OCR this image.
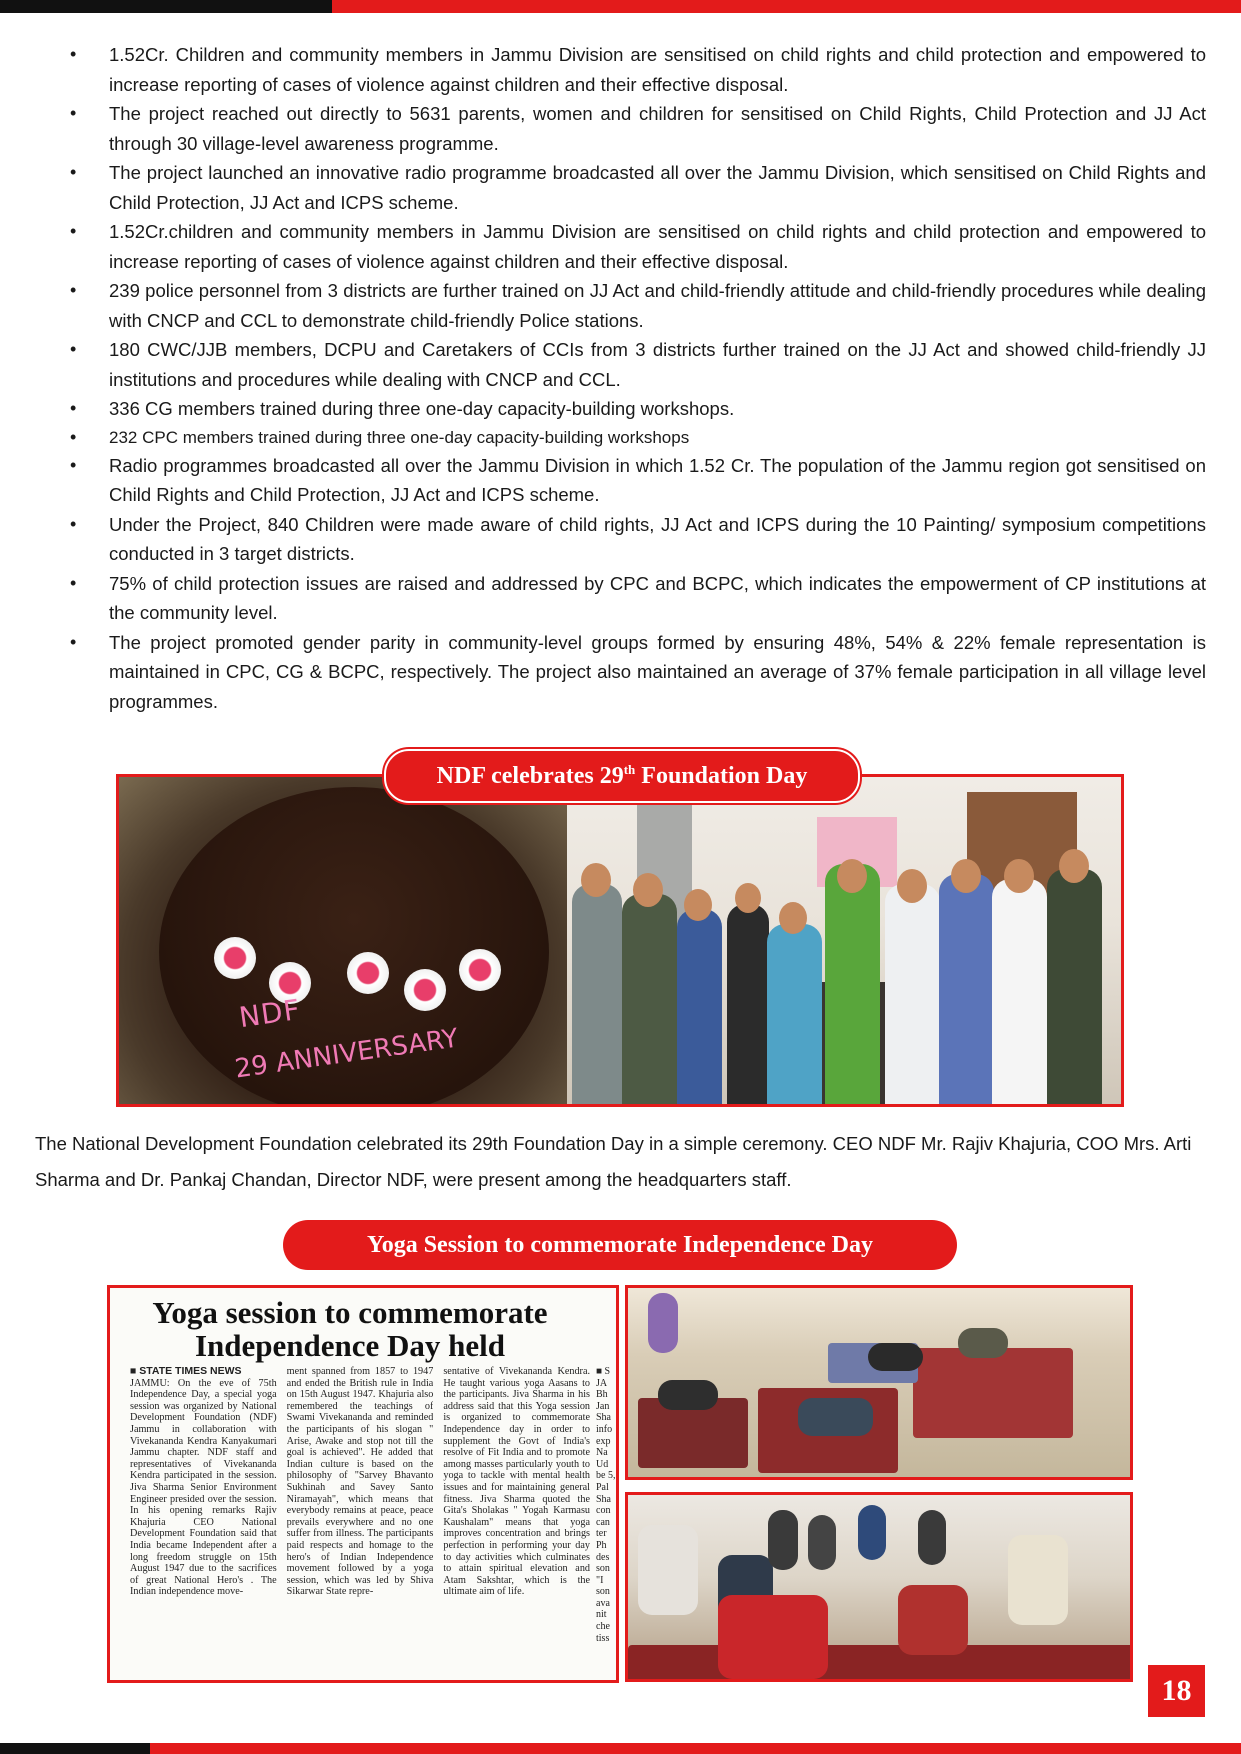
• 1.52Cr. Children and community members in Jammu Division are sensitised on child rights and child protection and empowered to increase reporting of cases of violence against children and their effective disposal.
• The project reached out directly to 5631 parents, women and children for sensitised on Child Rights, Child Protection and JJ Act through 30 village-level awareness programme.
• The project launched an innovative radio programme broadcasted all over the Jammu Division, which sensitised on Child Rights and Child Protection, JJ Act and ICPS scheme.
• 1.52Cr.children and community members in Jammu Division are sensitised on child rights and child protection and empowered to increase reporting of cases of violence against children and their effective disposal.
• 239 police personnel from 3 districts are further trained on JJ Act and child-friendly attitude and child-friendly procedures while dealing with CNCP and CCL to demonstrate child-friendly Police stations.
• 180 CWC/JJB members, DCPU and Caretakers of CCIs from 3 districts further trained on the JJ Act and showed child-friendly JJ institutions and procedures while dealing with CNCP and CCL.
• 336 CG members trained during three one-day capacity-building workshops.
• 232 CPC members trained during three one-day capacity-building workshops
• Radio programmes broadcasted all over the Jammu Division in which 1.52 Cr. The population of the Jammu region got sensitised on Child Rights and Child Protection, JJ Act and ICPS scheme.
• Under the Project, 840 Children were made aware of child rights, JJ Act and ICPS during the 10 Painting/ symposium competitions conducted in 3 target districts.
• 75% of child protection issues are raised and addressed by CPC and BCPC, which indicates the empowerment of CP institutions at the community level.
• The project promoted gender parity in community-level groups formed by ensuring 48%, 54% & 22% female representation is maintained in CPC, CG & BCPC, respectively. The project also maintained an average of 37% female participation in all village level programmes.
NDF
29 ANNIVERSARY
NDF celebrates 29th Foundation Day

The National Development Foundation celebrated its 29th Foundation Day in a simple ceremony. CEO NDF Mr. Rajiv Khajuria, COO Mrs. Arti Sharma and Dr. Pankaj Chandan, Director NDF, were present among the headquarters staff.

Yoga Session to commemorate Independence Day
Yoga session to commemorate Independence Day held
■ STATE TIMES NEWS
JAMMU: On the eve of 75th Independence Day, a special yoga session was organized by National Development Foundation (NDF) Jammu in collaboration with Vivekananda Kendra Kanyakumari Jammu chapter. NDF staff and representatives of Vivekananda Kendra participated in the session. Jiva Sharma Senior Environment Engineer presided over the session. In his opening remarks Rajiv Khajuria CEO National Development Foundation said that India became Independent after a long freedom struggle on 15th August 1947 due to the sacrifices of great National Hero's . The Indian independence move-
ment spanned from 1857 to 1947 and ended the British rule in India on 15th August 1947. Khajuria also remembered the teachings of Swami Vivekananda and reminded the participants of his slogan " Arise, Awake and stop not till the goal is achieved". He added that Indian culture is based on the philosophy of "Sarvey Bhavanto Sukhinah and Savey Santo Niramayah", which means that everybody remains at peace, peace prevails everywhere and no one suffer from illness. The participants paid respects and homage to the hero's of Indian Independence movement followed by a yoga session, which was led by Shiva Sikarwar State repre-
sentative of Vivekananda Kendra. He taught various yoga Aasans to the participants. Jiva Sharma in his address said that this Yoga session is organized to commemorate Independence day in order to supplement the Govt of India's resolve of Fit India and to promote among masses particularly youth to yoga to tackle with mental health issues and for maintaining general fitness. Jiva Sharma quoted the Gita's Sholakas " Yogah Karmasu Kaushalam" means that yoga improves concentration and brings perfection in performing your day to day activities which culminates to attain spiritual elevation and Atam Sakshtar, which is the ultimate aim of life.
■ S JA Bh Jan Sha info exp Na Ud be 5, Pal Sha con can ter Ph des son "I son ava nit che tiss
18
